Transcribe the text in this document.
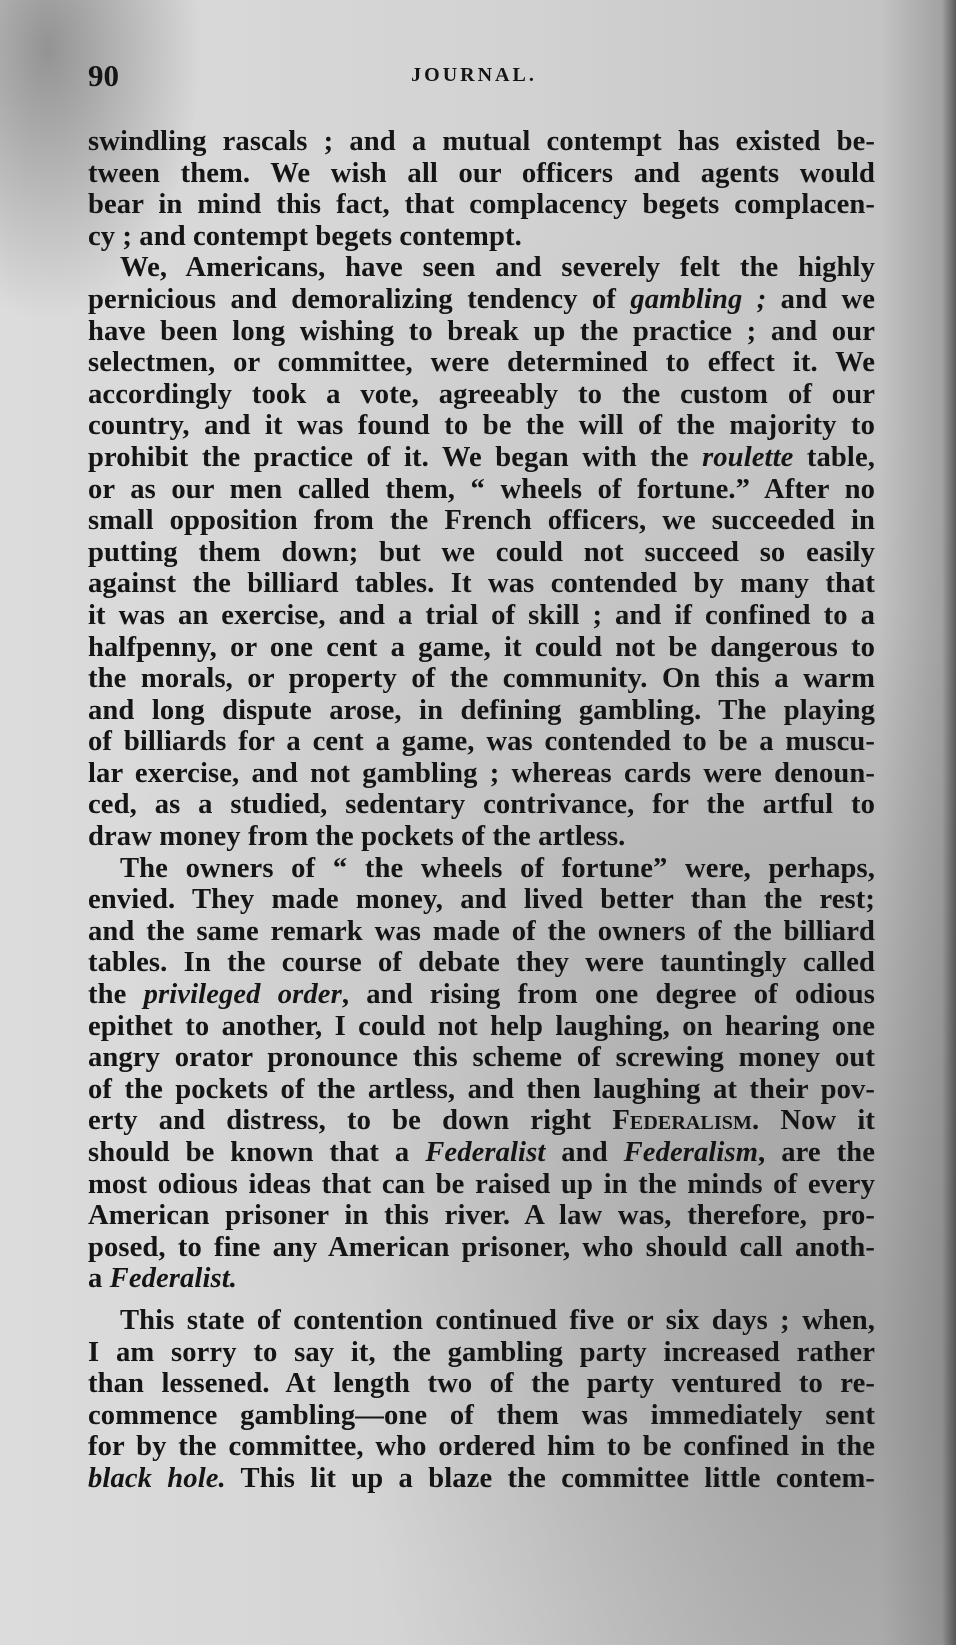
90	JOURNAL.
swindling rascals ; and a mutual contempt has existed be-
tween them. We wish all our officers and agents would
bear in mind this fact, that complacency begets complacen-
cy ; and contempt begets contempt.
We, Americans, have seen and severely felt the highly
pernicious and demoralizing tendency of gambling ; and we
have been long wishing to break up the practice ; and our
selectmen, or committee, were determined to effect it. We
accordingly took a vote, agreeably to the custom of our
country, and it was found to be the will of the majority to
prohibit the practice of it. We began with the roulette table,
or as our men called them, “ wheels of fortune.” After no
small opposition from the French officers, we succeeded in
putting them down; but we could not succeed so easily
against the billiard tables. It was contended by many that
it was an exercise, and a trial of skill ; and if confined to a
halfpenny, or one cent a game, it could not be dangerous to
the morals, or property of the community. On this a warm
and long dispute arose, in defining gambling. The playing
of billiards for a cent a game, was contended to be a muscu-
lar exercise, and not gambling ; whereas cards were denoun-
ced, as a studied, sedentary contrivance, for the artful to
draw money from the pockets of the artless.
The owners of “ the wheels of fortune” were, perhaps,
envied. They made money, and lived better than the rest;
and the same remark was made of the owners of the billiard
tables. In the course of debate they were tauntingly called
the privileged order, and rising from one degree of odious
epithet to another, I could not help laughing, on hearing one
angry orator pronounce this scheme of screwing money out
of the pockets of the artless, and then laughing at their pov-
erty and distress, to be down right Federalism. Now it
should be known that a Federalist and Federalism, are the
most odious ideas that can be raised up in the minds of every
American prisoner in this river. A law was, therefore, pro-
posed, to fine any American prisoner, who should call anoth-
a Federalist.
This state of contention continued five or six days ; when,
I am sorry to say it, the gambling party increased rather
than lessened. At length two of the party ventured to re-
commence gambling—one of them was immediately sent
for by the committee, who ordered him to be confined in the
black hole. This lit up a blaze the committee little contem-
